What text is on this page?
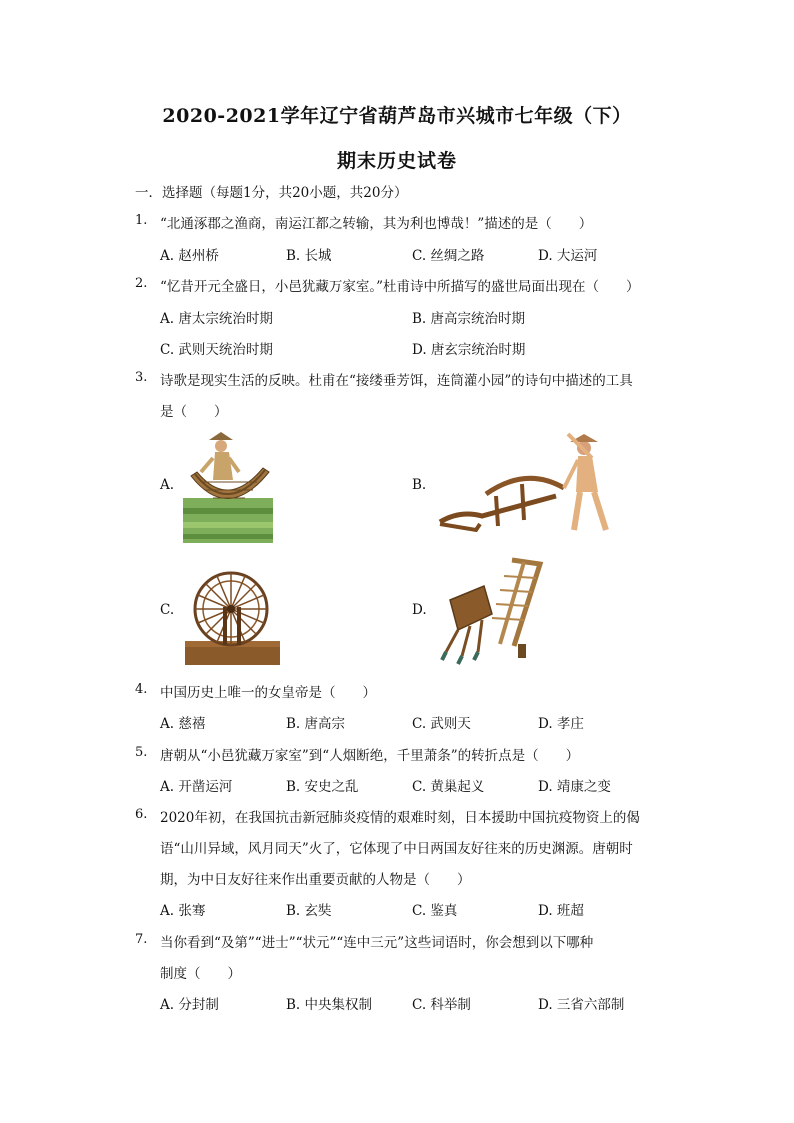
2020-2021学年辽宁省葫芦岛市兴城市七年级（下）
期末历史试卷
一．选择题（每题1分，共20小题，共20分）
1. “北通涿郡之渔商，南运江都之转输，其为利也博哉！”描述的是（　　）
A. 赵州桥	B. 长城	C. 丝绸之路	D. 大运河
2. “忆昔开元全盛日，小邑犹藏万家室。”杜甫诗中所描写的盛世局面出现在（　　）
A. 唐太宗统治时期	B. 唐高宗统治时期
C. 武则天统治时期	D. 唐玄宗统治时期
3. 诗歌是现实生活的反映。杜甫在“接缕垂芳饵，连筒灌小园”的诗句中描述的工具
是（　　）
A.	B.
C.	D.
4. 中国历史上唯一的女皇帝是（　　）
A. 慈禧	B. 唐高宗	C. 武则天	D. 孝庄
5. 唐朝从“小邑犹藏万家室”到“人烟断绝，千里萧条”的转折点是（　　）
A. 开凿运河	B. 安史之乱	C. 黄巢起义	D. 靖康之变
6. 2020年初，在我国抗击新冠肺炎疫情的艰难时刻，日本援助中国抗疫物资上的偈
语“山川异域，风月同天”火了，它体现了中日两国友好往来的历史渊源。唐朝时
期，为中日友好往来作出重要贡献的人物是（　　）
A. 张骞	B. 玄奘	C. 鉴真	D. 班超
7. 当你看到“及第”“进士”“状元”“连中三元”这些词语时，你会想到以下哪种
制度（　　）
A. 分封制	B. 中央集权制	C. 科举制	D. 三省六部制
